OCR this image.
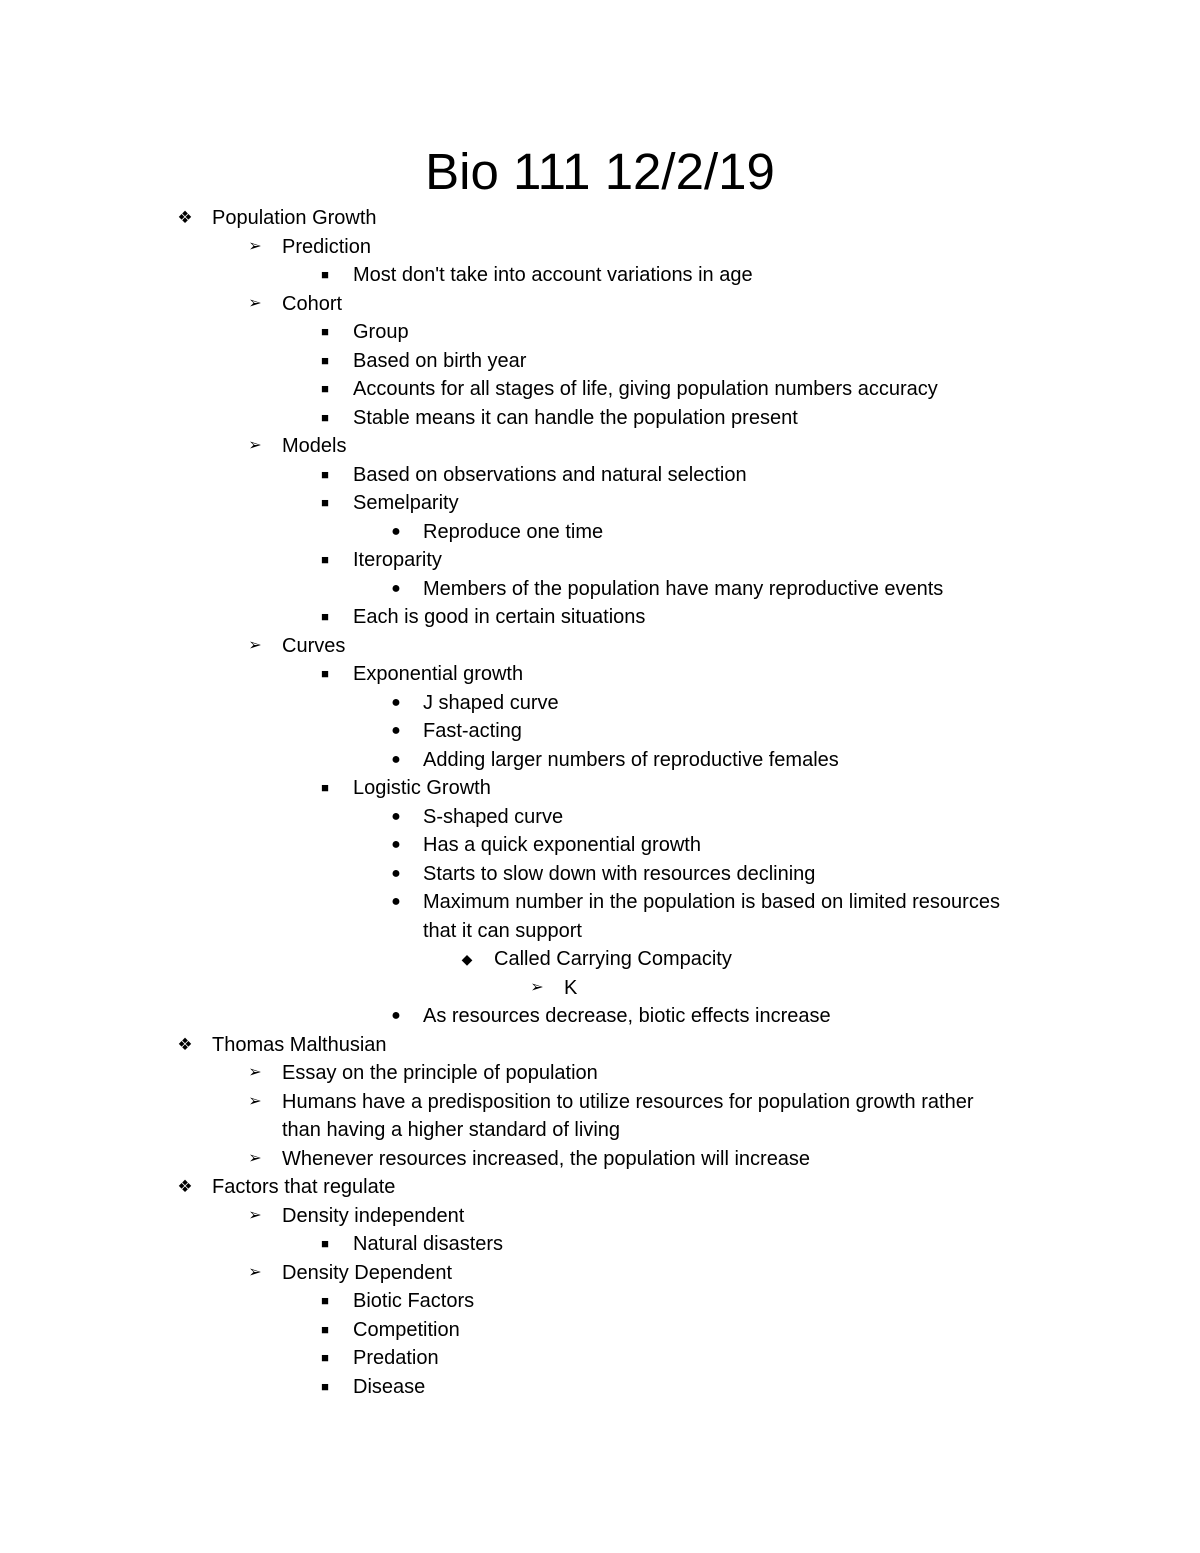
Bio 111 12/2/19
❖ Population Growth
➢ Prediction
■	Most don't take into account variations in age
➢ Cohort
■	Group
■	Based on birth year
■	Accounts for all stages of life, giving population numbers accuracy
■	Stable means it can handle the population present
➢ Models
■	Based on observations and natural selection
■	Semelparity
● Reproduce one time
■	Iteroparity
● Members of the population have many reproductive events
■	Each is good in certain situations
➢ Curves
■	Exponential growth
● J shaped curve
● Fast-acting
● Adding larger numbers of reproductive females
■	Logistic Growth
● S-shaped curve
● Has a quick exponential growth
● Starts to slow down with resources declining
● Maximum number in the population is based on limited resources
that it can support
◆ Called Carrying Compacity
➢ K
● As resources decrease, biotic effects increase
❖ Thomas Malthusian
➢ Essay on the principle of population
➢ Humans have a predisposition to utilize resources for population growth rather
than having a higher standard of living
➢ Whenever resources increased, the population will increase
❖ Factors that regulate
➢ Density independent
■	Natural disasters
➢ Density Dependent
■	Biotic Factors
■	Competition
■	Predation
■	Disease
